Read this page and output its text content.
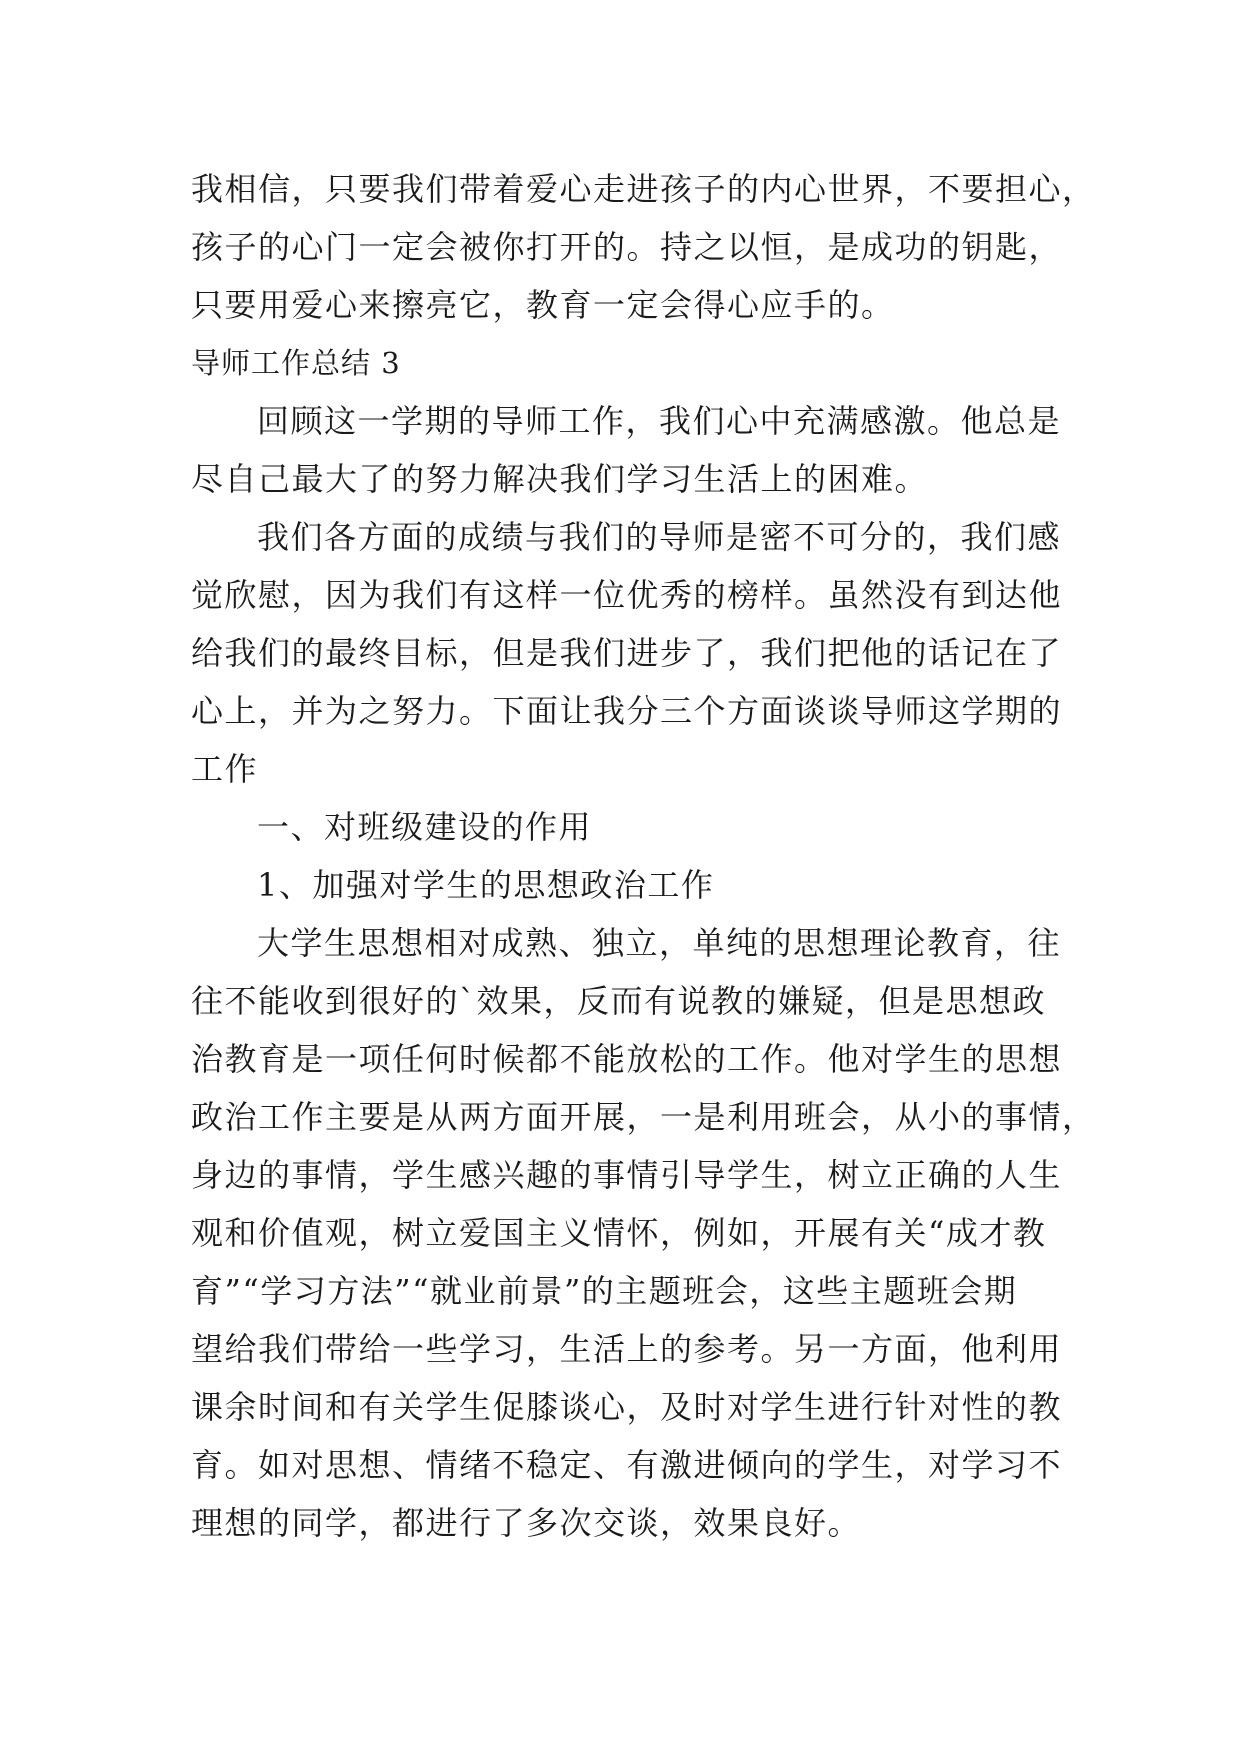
我相信，只要我们带着爱心走进孩子的内心世界，不要担心，
孩子的心门一定会被你打开的。持之以恒，是成功的钥匙，
只要用爱心来擦亮它，教育一定会得心应手的。
导师工作总结 3
回顾这一学期的导师工作，我们心中充满感激。他总是
尽自己最大了的努力解决我们学习生活上的困难。
我们各方面的成绩与我们的导师是密不可分的，我们感
觉欣慰，因为我们有这样一位优秀的榜样。虽然没有到达他
给我们的最终目标，但是我们进步了，我们把他的话记在了
心上，并为之努力。下面让我分三个方面谈谈导师这学期的
工作
一、对班级建设的作用
1、加强对学生的思想政治工作
大学生思想相对成熟、独立，单纯的思想理论教育，往
往不能收到很好的`效果，反而有说教的嫌疑，但是思想政
治教育是一项任何时候都不能放松的工作。他对学生的思想
政治工作主要是从两方面开展，一是利用班会，从小的事情，
身边的事情，学生感兴趣的事情引导学生，树立正确的人生
观和价值观，树立爱国主义情怀，例如，开展有关“成才教
育”“学习方法”“就业前景”的主题班会，这些主题班会期
望给我们带给一些学习，生活上的参考。另一方面，他利用
课余时间和有关学生促膝谈心，及时对学生进行针对性的教
育。如对思想、情绪不稳定、有激进倾向的学生，对学习不
理想的同学，都进行了多次交谈，效果良好。
